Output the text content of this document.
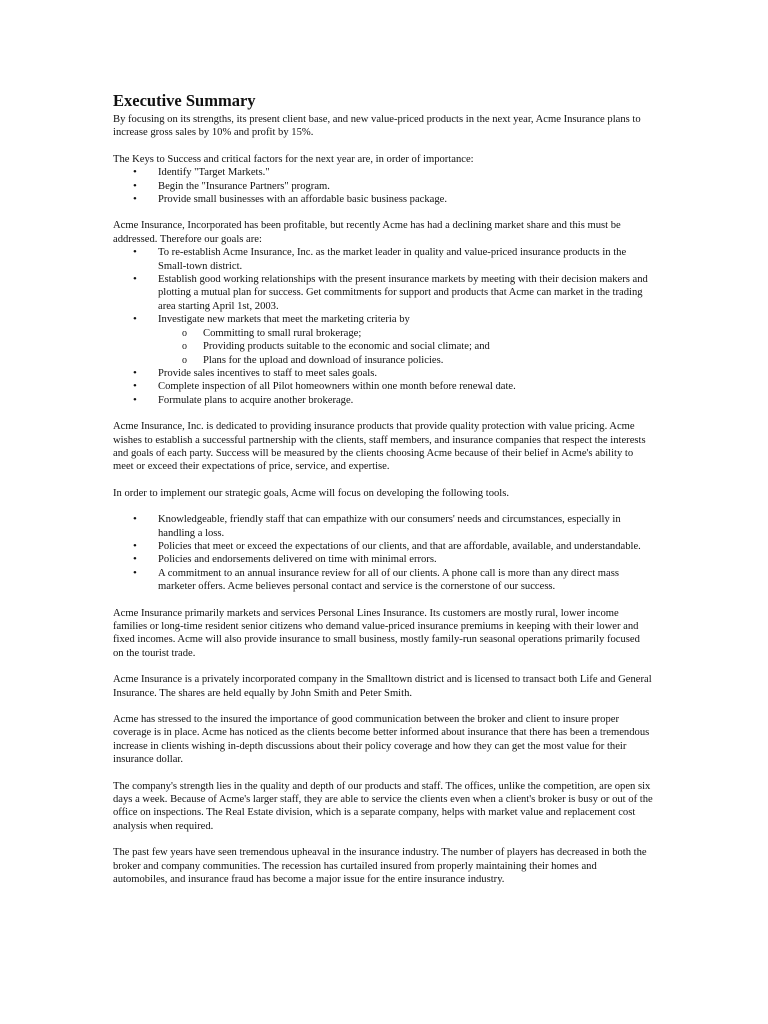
Executive Summary

By focusing on its strengths, its present client base, and new value-priced products in the next year, Acme Insurance plans to increase gross sales by 10% and profit by 15%.

The Keys to Success and critical factors for the next year are, in order of importance:

• Identify "Target Markets."
• Begin the "Insurance Partners" program.
• Provide small businesses with an affordable basic business package.

Acme Insurance, Incorporated has been profitable, but recently Acme has had a declining market share and this must be addressed. Therefore our goals are:

• To re-establish Acme Insurance, Inc. as the market leader in quality and value-priced insurance products in the Small-town district.
• Establish good working relationships with the present insurance markets by meeting with their decision makers and plotting a mutual plan for success. Get commitments for support and products that Acme can market in the trading area starting April 1st, 2003.
• Investigate new markets that meet the marketing criteria by
o Committing to small rural brokerage;
o Providing products suitable to the economic and social climate; and
o Plans for the upload and download of insurance policies.
• Provide sales incentives to staff to meet sales goals.
• Complete inspection of all Pilot homeowners within one month before renewal date.
• Formulate plans to acquire another brokerage.

Acme Insurance, Inc. is dedicated to providing insurance products that provide quality protection with value pricing. Acme wishes to establish a successful partnership with the clients, staff members, and insurance companies that respect the interests and goals of each party. Success will be measured by the clients choosing Acme because of their belief in Acme's ability to meet or exceed their expectations of price, service, and expertise.

In order to implement our strategic goals, Acme will focus on developing the following tools.

• Knowledgeable, friendly staff that can empathize with our consumers' needs and circumstances, especially in handling a loss.
• Policies that meet or exceed the expectations of our clients, and that are affordable, available, and understandable.
• Policies and endorsements delivered on time with minimal errors.
• A commitment to an annual insurance review for all of our clients. A phone call is more than any direct mass marketer offers. Acme believes personal contact and service is the cornerstone of our success.

Acme Insurance primarily markets and services Personal Lines Insurance. Its customers are mostly rural, lower income families or long-time resident senior citizens who demand value-priced insurance premiums in keeping with their lower and fixed incomes. Acme will also provide insurance to small business, mostly family-run seasonal operations primarily focused on the tourist trade.

Acme Insurance is a privately incorporated company in the Smalltown district and is licensed to transact both Life and General Insurance. The shares are held equally by John Smith and Peter Smith.

Acme has stressed to the insured the importance of good communication between the broker and client to insure proper coverage is in place. Acme has noticed as the clients become better informed about insurance that there has been a tremendous increase in clients wishing in-depth discussions about their policy coverage and how they can get the most value for their insurance dollar.

The company's strength lies in the quality and depth of our products and staff. The offices, unlike the competition, are open six days a week. Because of Acme's larger staff, they are able to service the clients even when a client's broker is busy or out of the office on inspections. The Real Estate division, which is a separate company, helps with market value and replacement cost analysis when required.

The past few years have seen tremendous upheaval in the insurance industry. The number of players has decreased in both the broker and company communities. The recession has curtailed insured from properly maintaining their homes and automobiles, and insurance fraud has become a major issue for the entire insurance industry.
